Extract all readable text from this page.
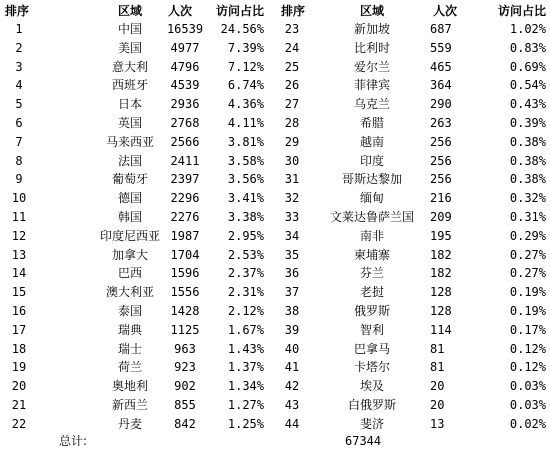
排序	区域	人次	访问占比 排序	区域	人次	访问占比
1	中国	16539	24.56%
2	美国	4977	7.39%
3	意大利	4796	7.12%
4	西班牙	4539	6.74%
5	日本	2936	4.36%
6	英国	2768	4.11%
7	马来西亚	2566	3.81%
8	法国	2411	3.58%
9	葡萄牙	2397	3.56%
10	德国	2296	3.41%
11	韩国	2276	3.38%
12	印度尼西亚 1987	2.95%
13	加拿大	1704	2.53%
14	巴西	1596	2.37%
15	澳大利亚	1556	2.31%
16	泰国	1428	2.12%
17	瑞典	1125	1.67%
18	瑞士	963	1.43%
19	荷兰	923	1.37%
20	奥地利	902	1.34%
21	新西兰	855	1.27%
22	丹麦	842	1.25%
23	新加坡	687	1.02%
24	比利时	559	0.83%
25	爱尔兰	465	0.69%
26	菲律宾	364	0.54%
27	乌克兰	290	0.43%
28	希腊	263	0.39%
29	越南	256	0.38%
30	印度	256	0.38%
31	哥斯达黎加	256	0.38%
32	缅甸	216	0.32%
33	文莱达鲁萨兰国	209	0.31%
34	南非	195	0.29%
35	柬埔寨	182	0.27%
36	芬兰	182	0.27%
37	老挝	128	0.19%
38	俄罗斯	128	0.19%
39	智利	114	0.17%
40	巴拿马	81	0.12%
41	卡塔尔	81	0.12%
42	埃及	20	0.03%
43	白俄罗斯	20	0.03%
44	斐济	13	0.02%
总计:	67344
